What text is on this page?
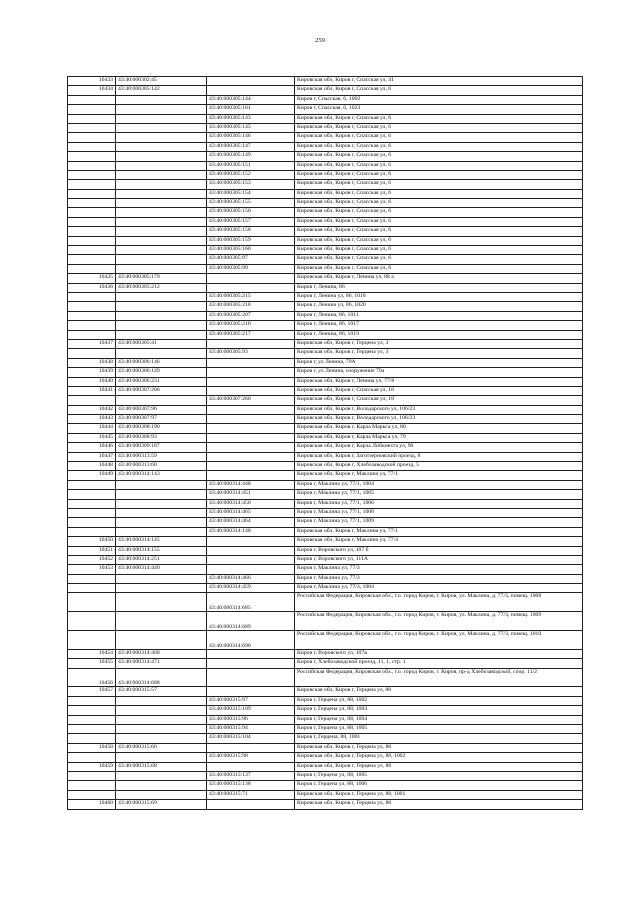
259
10433	43:40:000302:45		Кировская обл, Киров г, Спасская ул, 41
10434	43:40:000305:142		Кировская обл, Киров г, Спасская ул, 6
		43:40:000305:144	Киров г, Спасская, 6, 1002
		43:40:000305:161	Киров г, Спасская, 6, 1023
		43:40:000305:143	Кировская обл, Киров г, Спасская ул, 6
		43:40:000305:145	Кировская обл, Киров г, Спасская ул, 6
		43:40:000305:146	Кировская обл, Киров г, Спасская ул, 6
		43:40:000305:147	Кировская обл, Киров г, Спасская ул, 6
		43:40:000305:149	Кировская обл, Киров г, Спасская ул, 6
		43:40:000305:151	Кировская обл, Киров г, Спасская ул, 6
		43:40:000305:152	Кировская обл, Киров г, Спасская ул, 6
		43:40:000305:153	Кировская обл, Киров г, Спасская ул, 6
		43:40:000305:154	Кировская обл, Киров г, Спасская ул, 6
		43:40:000305:155	Кировская обл, Киров г, Спасская ул, 6
		43:40:000305:156	Кировская обл, Киров г, Спасская ул, 6
		43:40:000305:157	Кировская обл, Киров г, Спасская ул, 6
		43:40:000305:158	Кировская обл, Киров г, Спасская ул, 6
		43:40:000305:159	Кировская обл, Киров г, Спасская ул, 6
		43:40:000305:160	Кировская обл, Киров г, Спасская ул, 6
		43:40:000305:97	Кировская обл, Киров г, Спасская ул, 6
		43:40:000305:99	Кировская обл, Киров г, Спасская ул, 6
10435	43:40:000305:179		Кировская обл, Киров г, Ленина ул, 88 а
10436	43:40:000305:212		Киров г, Ленина, 86
		43:40:000305:215	Киров г, Ленина ул, 86, 1018
		43:40:000305:218	Киров г, Ленина ул, 86, 1020
		43:40:000305:207	Киров г, Ленина, 86, 1011
		43:40:000305:216	Киров г, Ленина, 86, 1017
		43:40:000305:217	Киров г, Ленина, 86, 1019
10437	43:40:000305:41		Кировская обл, Киров г, Герцена ул, 3
		43:40:000305:93	Кировская обл, Киров г, Герцена ул, 3
10438	43:40:000306:146		Киров г, ул Ленина, 79А
10439	43:40:000306:149		Киров г, ул Ленина, сооружение 79а
10440	43:40:000306:231		Кировская обл, Киров г, Ленина ул, 77/8
10441	43:40:000307:206		Кировская обл, Киров г, Спасская ул, 18
		43:40:000307:260	Кировская обл, Киров г, Спасская ул, 18
10442	43:40:000307:96		Кировская обл, Киров г, Володарского ул, 106/23
10443	43:40:000307:97		Кировская обл, Киров г, Володарского ул, 106/23
10444	43:40:000308:190		Кировская обл, Киров г, Карла Маркса ул, 80
10445	43:40:000308:93		Кировская обл, Киров г, Карла Маркса ул, 79
10446	43:40:000309:187		Кировская обл, Киров г, Карла Либкнехта ул, 90
10447	43:40:000313:59		Кировская обл, Киров г, Заготзерновский проезд, 8
10448	43:40:000313:60		Кировская обл, Киров г, Хлебозаводской проезд, 5
10449	43:40:000314:143		Кировская обл, Киров г, Маклина ул, 77/1
		43:40:000314:448	Киров г, Маклина ул, 77/1, 1004
		43:40:000314:451	Киров г, Маклина ул, 77/1, 1005
		43:40:000314:450	Киров г, Маклина ул, 77/1, 1006
		43:40:000314:465	Киров г, Маклина ул, 77/1, 1008
		43:40:000314:464	Киров г, Маклина ул, 77/1, 1009
		43:40:000314:148	Кировская обл, Киров г, Маклина ул, 77/1
10450	43:40:000314:145		Кировская обл, Киров г, Маклина ул, 77/4
10451	43:40:000314:155		Киров г, Воровского ул, 107 б
10452	43:40:000314:251		Киров г, Воровского ул, 111А
10453	43:40:000314:440		Киров г, Маклина ул, 77/3
		43:40:000314:466	Киров г, Маклина ул, 77/3
		43:40:000314:459	Киров г, Маклина ул, 77/3, 1004
		43:40:000314:685	Российская Федерация, Кировская обл., г.о. город Киров, г. Киров, ул. Маклина, д. 77/3, помещ. 1008
		43:40:000314:689	Российская Федерация, Кировская обл., г.о. город Киров, г. Киров, ул. Маклина, д. 77/3, помещ. 1009
		43:40:000314:690	Российская Федерация, Кировская обл., г.о. город Киров, г. Киров, ул. Маклина, д. 77/3, помещ. 1010
10454	43:40:000314:468		Киров г, Воровского ул, 107в
10455	43:40:000314:471		Киров г, Хлебозаводской проезд, 11, 1, стр. 1
10456	43:40:000314:688		Российская Федерация, Кировская обл., г.о. город Киров, г. Киров, пр-д Хлебозаводской, соор. 11/2
10457	43:40:000315:57		Кировская обл, Киров г, Герцена ул, 88
		43:40:000315:97	Киров г, Герцена ул, 88, 1002
		43:40:000315:109	Киров г, Герцена ул, 88, 1003
		43:40:000315:96	Киров г, Герцена ул, 88, 1004
		43:40:000315:94	Киров г, Герцена ул, 88, 1005
		43:40:000315:104	Киров г, Герцена, 88, 1001
10458	43:40:000315:66		Кировская обл, Киров г, Герцена ул, 88
		43:40:000315:98	Кировская обл, Киров г, Герцена ул, 88, 1002
10459	43:40:000315:68		Кировская обл, Киров г, Герцена ул, 88
		43:40:000315:137	Киров г, Герцена ул, 88, 1005
		43:40:000315:138	Киров г, Герцена ул, 88, 1006
		43:40:000315:71	Кировская обл, Киров г, Герцена ул, 88, 1001
10460	43:40:000315:69		Кировская обл, Киров г, Герцена ул, 88
